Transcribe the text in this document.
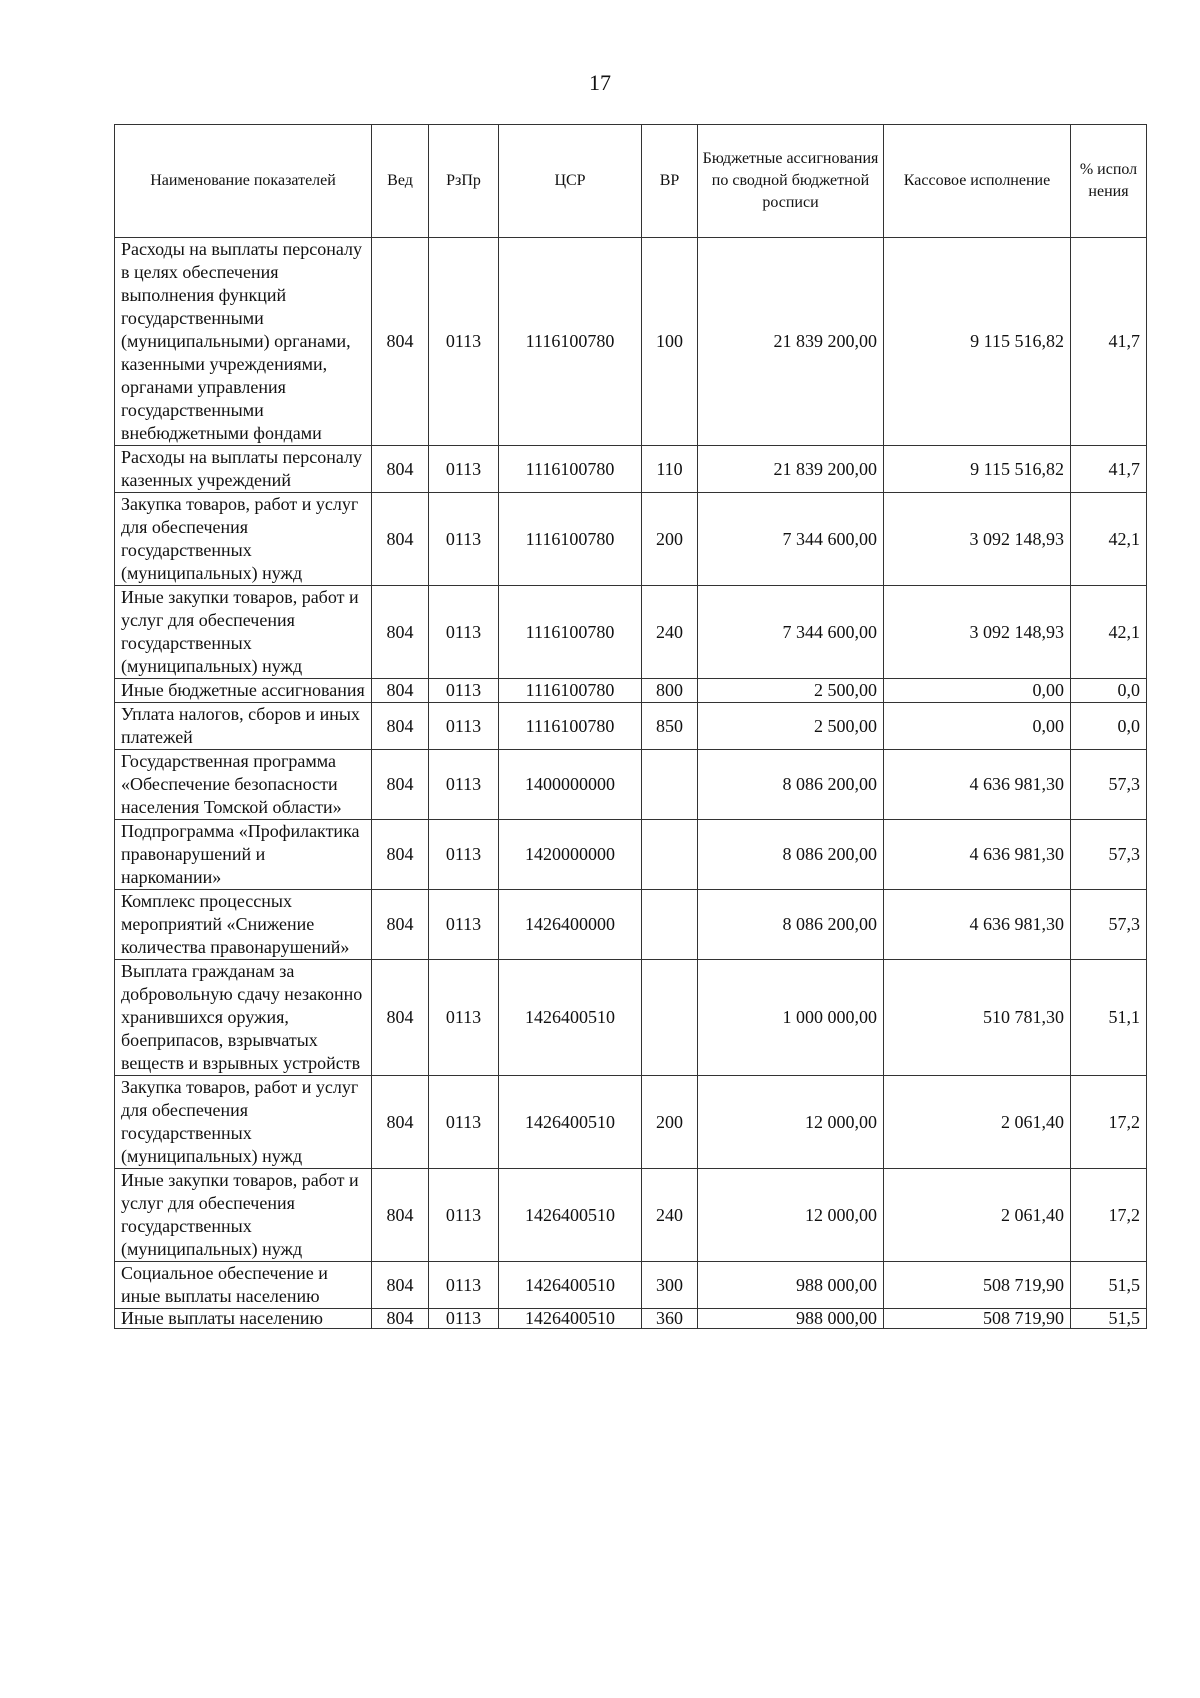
17
Наименование показателей	Вед	РзПр	ЦСР	ВР	Бюджетные ассигнования по сводной бюджетной росписи	Кассовое исполнение	% испол нения
Расходы на выплаты персоналу в целях обеспечения выполнения функций государственными (муниципальными) органами, казенными учреждениями, органами управления государственными внебюджетными фондами	804	0113	1116100780	100	21 839 200,00	9 115 516,82	41,7
Расходы на выплаты персоналу казенных учреждений	804	0113	1116100780	110	21 839 200,00	9 115 516,82	41,7
Закупка товаров, работ и услуг для обеспечения государственных (муниципальных) нужд	804	0113	1116100780	200	7 344 600,00	3 092 148,93	42,1
Иные закупки товаров, работ и услуг для обеспечения государственных (муниципальных) нужд	804	0113	1116100780	240	7 344 600,00	3 092 148,93	42,1
Иные бюджетные ассигнования	804	0113	1116100780	800	2 500,00	0,00	0,0
Уплата налогов, сборов и иных платежей	804	0113	1116100780	850	2 500,00	0,00	0,0
Государственная программа «Обеспечение безопасности населения Томской области»	804	0113	1400000000		8 086 200,00	4 636 981,30	57,3
Подпрограмма «Профилактика правонарушений и наркомании»	804	0113	1420000000		8 086 200,00	4 636 981,30	57,3
Комплекс процессных мероприятий «Снижение количества правонарушений»	804	0113	1426400000		8 086 200,00	4 636 981,30	57,3
Выплата гражданам за добровольную сдачу незаконно хранившихся оружия, боеприпасов, взрывчатых веществ и взрывных устройств	804	0113	1426400510		1 000 000,00	510 781,30	51,1
Закупка товаров, работ и услуг для обеспечения государственных (муниципальных) нужд	804	0113	1426400510	200	12 000,00	2 061,40	17,2
Иные закупки товаров, работ и услуг для обеспечения государственных (муниципальных) нужд	804	0113	1426400510	240	12 000,00	2 061,40	17,2
Социальное обеспечение и иные выплаты населению	804	0113	1426400510	300	988 000,00	508 719,90	51,5
Иные выплаты населению	804	0113	1426400510	360	988 000,00	508 719,90	51,5
